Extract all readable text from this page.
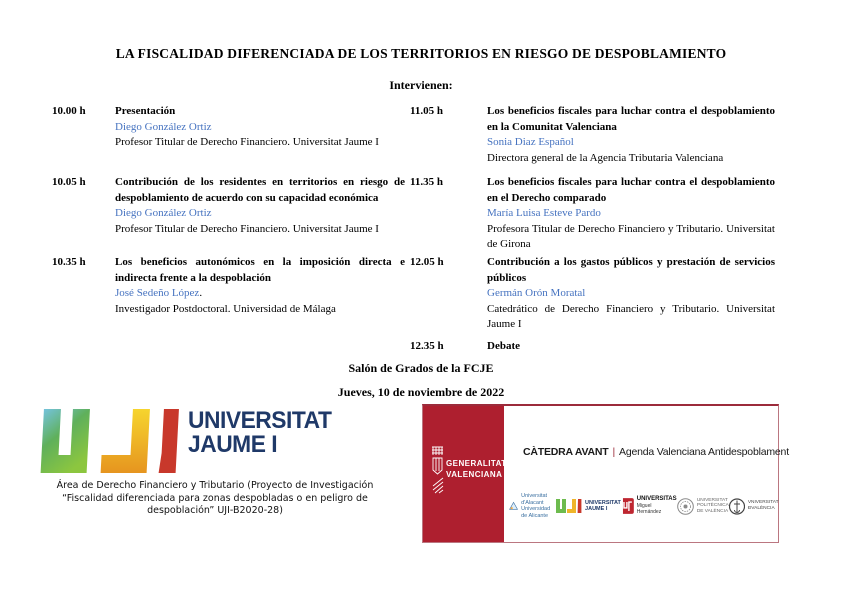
LA FISCALIDAD DIFERENCIADA DE LOS TERRITORIOS EN RIESGO DE DESPOBLAMIENTO
Intervienen:
10.00 h	Presentación
Diego González Ortiz
Profesor Titular de Derecho Financiero. Universitat Jaume I
10.05 h	Contribución de los residentes en territorios en riesgo de despoblamiento de acuerdo con su capacidad económica
Diego González Ortiz
Profesor Titular de Derecho Financiero. Universitat Jaume I
10.35 h	Los beneficios autonómicos en la imposición directa e indirecta frente a la despoblación
José Sedeño López.
Investigador Postdoctoral. Universidad de Málaga
11.05 h	Los beneficios fiscales para luchar contra el despoblamiento en la Comunitat Valenciana
Sonia Diaz Español
Directora general de la Agencia Tributaria Valenciana
11.35 h	Los beneficios fiscales para luchar contra el despoblamiento en el Derecho comparado
María Luisa Esteve Pardo
Profesora Titular de Derecho Financiero y Tributario. Universitat de Girona
12.05 h	Contribución a los gastos públicos y prestación de servicios públicos
Germán Orón Moratal
Catedrático de Derecho Financiero y Tributario. Universitat Jaume I
12.35 h	Debate
Salón de Grados de la FCJE
Jueves, 10 de noviembre de 2022
UNIVERSITAT
JAUME I
Área de Derecho Financiero y Tributario (Proyecto de Investigación “Fiscalidad diferenciada para zonas despobladas o en peligro de despoblación” UJI-B2020-28)
GENERALITAT
VALENCIANA
CÀTEDRA AVANT | Agenda Valenciana Antidespoblament
Universitat d'Alacant
Universidad de Alicante
UNIVERSITAT
JAUME I
UNIVERSITAS
Miguel Hernández
UNIVERSITAT
POLITÈCNICA
DE VALÈNCIA
VNIVERSITAT
ĐVALÈNCIA
